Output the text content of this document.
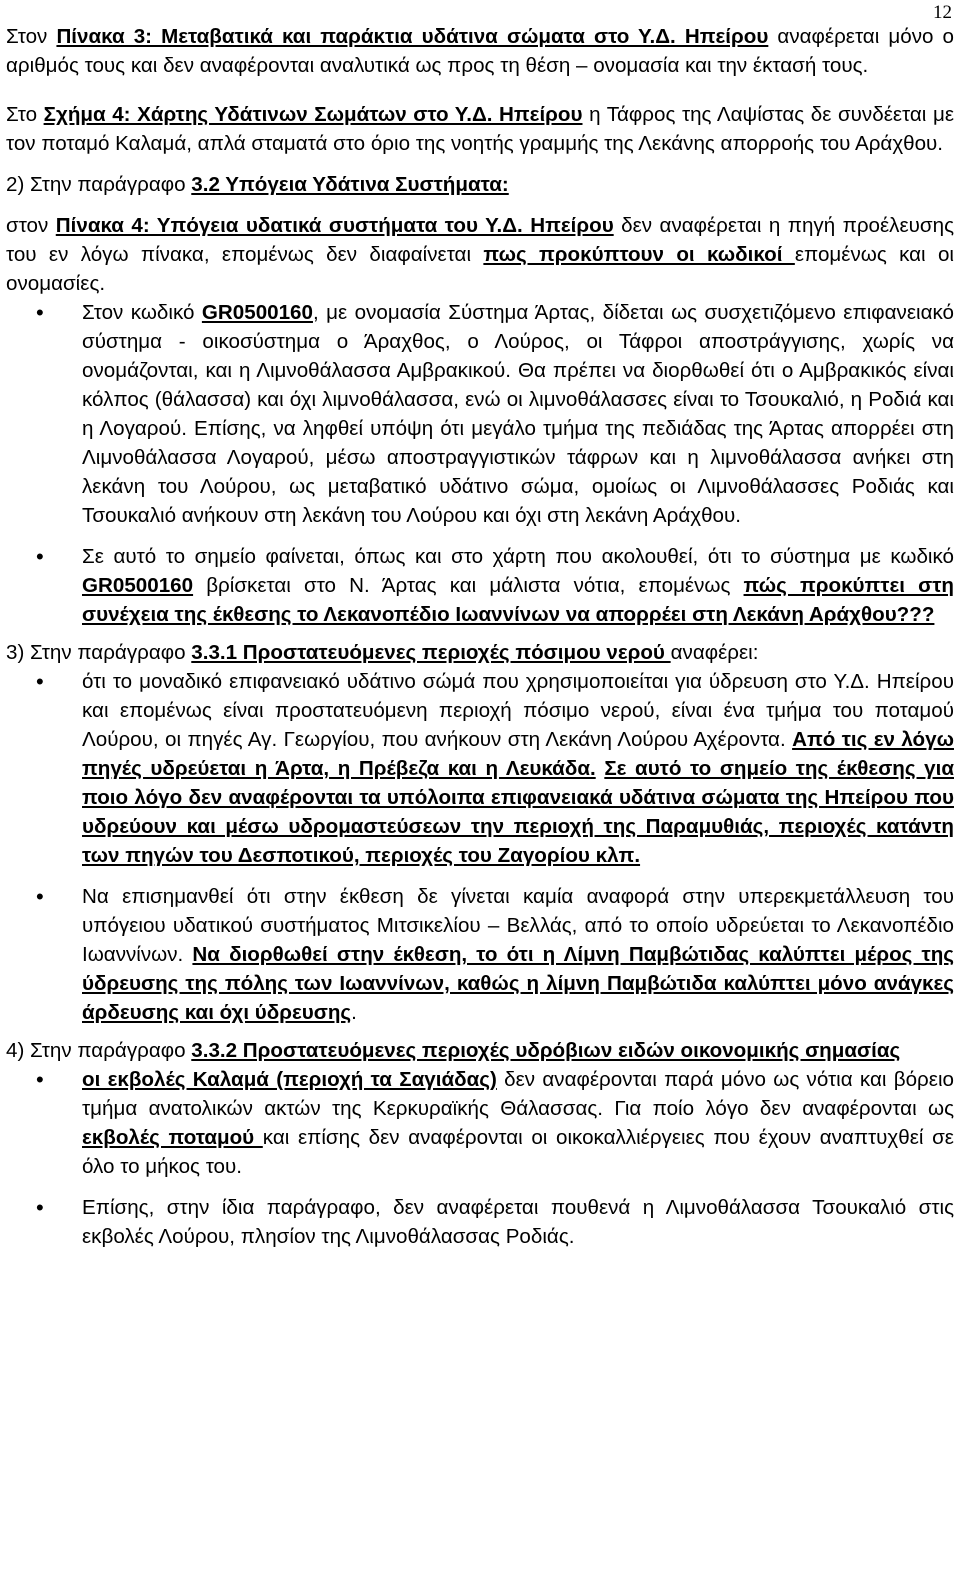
12

Στον Πίνακα 3: Μεταβατικά και παράκτια υδάτινα σώματα στο Υ.Δ. Ηπείρου αναφέρεται μόνο ο αριθμός τους και δεν αναφέρονται αναλυτικά ως προς τη θέση – ονομασία και την έκτασή τους.

Στο Σχήμα 4: Χάρτης Υδάτινων Σωμάτων στο Υ.Δ. Ηπείρου η Τάφρος της Λαψίστας δε συνδέεται με τον ποταμό Καλαμά, απλά σταματά στο όριο της νοητής γραμμής της Λεκάνης απορροής του Αράχθου.

2) Στην παράγραφο 3.2 Υπόγεια Υδάτινα Συστήματα:

στον Πίνακα 4: Υπόγεια υδατικά συστήματα του Υ.Δ. Ηπείρου δεν αναφέρεται η πηγή προέλευσης του εν λόγω πίνακα, επομένως δεν διαφαίνεται πως προκύπτουν οι κωδικοί επομένως και οι ονομασίες.

• Στον κωδικό GR0500160, με ονομασία Σύστημα Άρτας, δίδεται ως συσχετιζόμενο επιφανειακό σύστημα - οικοσύστημα ο Άραχθος, ο Λούρος, οι Τάφροι αποστράγγισης, χωρίς να ονομάζονται, και η Λιμνοθάλασσα Αμβρακικού. Θα πρέπει να διορθωθεί ότι ο Αμβρακικός είναι κόλπος (θάλασσα) και όχι λιμνοθάλασσα, ενώ οι λιμνοθάλασσες είναι το Τσουκαλιό, η Ροδιά και η Λογαρού. Επίσης, να ληφθεί υπόψη ότι μεγάλο τμήμα της πεδιάδας της Άρτας απορρέει στη Λιμνοθάλασσα Λογαρού, μέσω αποστραγγιστικών τάφρων και η λιμνοθάλασσα ανήκει στη λεκάνη του Λούρου, ως μεταβατικό υδάτινο σώμα, ομοίως οι Λιμνοθάλασσες Ροδιάς και Τσουκαλιό ανήκουν στη λεκάνη του Λούρου και όχι στη λεκάνη Αράχθου.
• Σε αυτό το σημείο φαίνεται, όπως και στο χάρτη που ακολουθεί, ότι το σύστημα με κωδικό GR0500160 βρίσκεται στο Ν. Άρτας και μάλιστα νότια, επομένως πώς προκύπτει στη συνέχεια της έκθεσης το Λεκανοπέδιο Ιωαννίνων να απορρέει στη Λεκάνη Αράχθου???

3) Στην παράγραφο 3.3.1 Προστατευόμενες περιοχές πόσιμου νερού αναφέρει:

• ότι το μοναδικό επιφανειακό υδάτινο σώμά που χρησιμοποιείται για ύδρευση στο Υ.Δ. Ηπείρου και επομένως είναι προστατευόμενη περιοχή πόσιμο νερού, είναι ένα τμήμα του ποταμού Λούρου, οι πηγές Αγ. Γεωργίου, που ανήκουν στη Λεκάνη Λούρου Αχέροντα. Από τις εν λόγω πηγές υδρεύεται η Άρτα, η Πρέβεζα και η Λευκάδα. Σε αυτό το σημείο της έκθεσης για ποιο λόγο δεν αναφέρονται τα υπόλοιπα επιφανειακά υδάτινα σώματα της Ηπείρου που υδρεύουν και μέσω υδρομαστεύσεων την περιοχή της Παραμυθιάς, περιοχές κατάντη των πηγών του Δεσποτικού, περιοχές του Ζαγορίου κλπ.
• Να επισημανθεί ότι στην έκθεση δε γίνεται καμία αναφορά στην υπερεκμετάλλευση του υπόγειου υδατικού συστήματος Μιτσικελίου – Βελλάς, από το οποίο υδρεύεται το Λεκανοπέδιο Ιωαννίνων. Να διορθωθεί στην έκθεση, το ότι η Λίμνη Παμβώτιδας καλύπτει μέρος της ύδρευσης της πόλης των Ιωαννίνων, καθώς η λίμνη Παμβώτιδα καλύπτει μόνο ανάγκες άρδευσης και όχι ύδρευσης.

4) Στην παράγραφο 3.3.2 Προστατευόμενες περιοχές υδρόβιων ειδών οικονομικής σημασίας

• οι εκβολές Καλαμά (περιοχή τα Σαγιάδας) δεν αναφέρονται παρά μόνο ως νότια και βόρειο τμήμα ανατολικών ακτών της Κερκυραϊκής Θάλασσας. Για ποίο λόγο δεν αναφέρονται ως εκβολές ποταμού και επίσης δεν αναφέρονται οι οικοκαλλιέργειες που έχουν αναπτυχθεί σε όλο το μήκος του.
• Επίσης, στην ίδια παράγραφο, δεν αναφέρεται πουθενά η Λιμνοθάλασσα Τσουκαλιό στις εκβολές Λούρου, πλησίον της Λιμνοθάλασσας Ροδιάς.
